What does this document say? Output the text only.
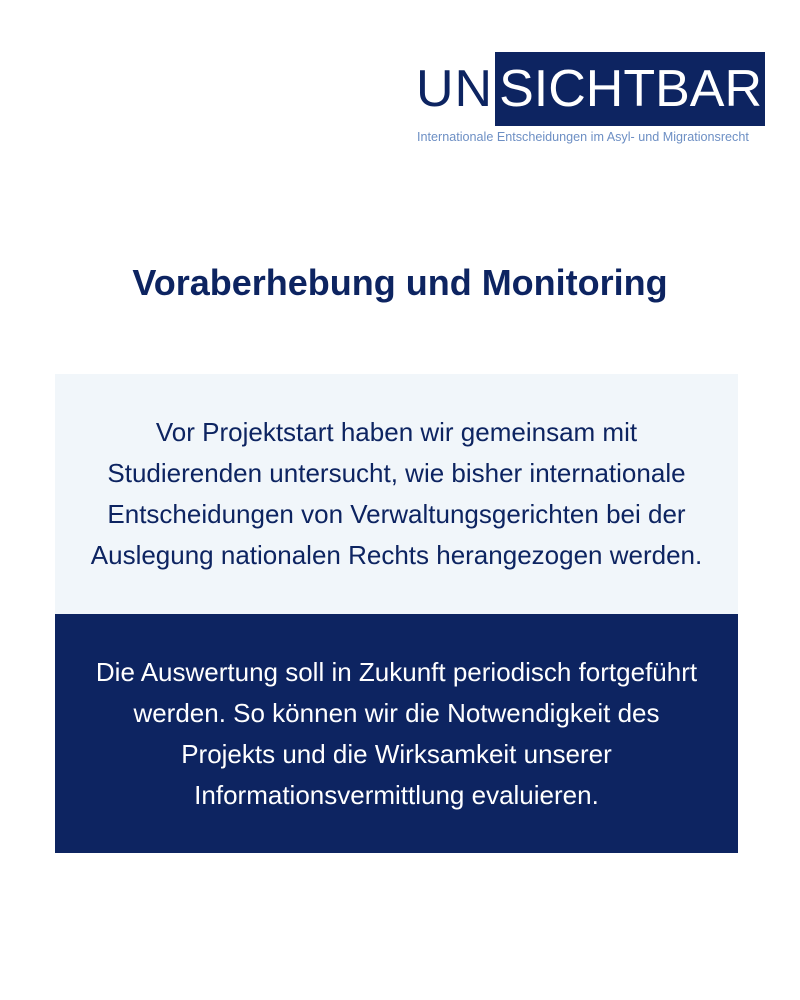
UN SICHTBAR
Internationale Entscheidungen im Asyl- und Migrationsrecht
Voraberhebung und Monitoring

Vor Projektstart haben wir gemeinsam mit
Studierenden untersucht, wie bisher internationale
Entscheidungen von Verwaltungsgerichten bei der
Auslegung nationalen Rechts herangezogen werden.

Die Auswertung soll in Zukunft periodisch fortgeführt
werden. So können wir die Notwendigkeit des
Projekts und die Wirksamkeit unserer
Informationsvermittlung evaluieren.
